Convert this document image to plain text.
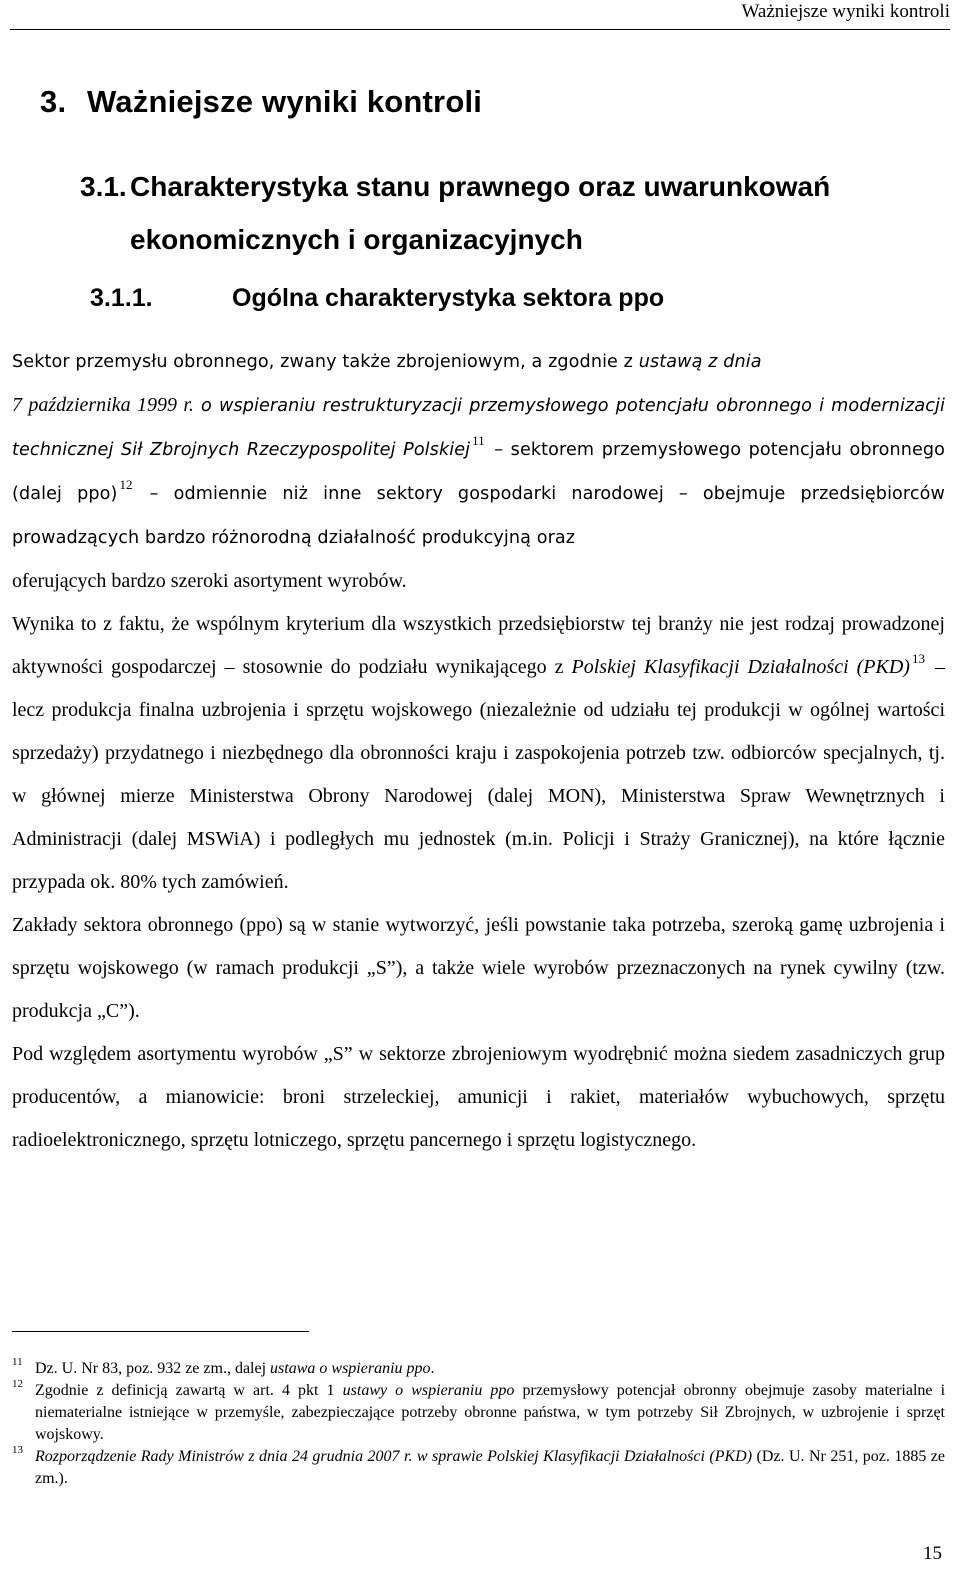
Ważniejsze wyniki kontroli
3. Ważniejsze wyniki kontroli
3.1. Charakterystyka stanu prawnego oraz uwarunkowań ekonomicznych i organizacyjnych
3.1.1.	Ogólna charakterystyka sektora ppo

Sektor przemysłu obronnego, zwany także zbrojeniowym, a zgodnie z ustawą z dnia
7 października 1999 r. o wspieraniu restrukturyzacji przemysłowego potencjału obronnego i modernizacji technicznej Sił Zbrojnych Rzeczypospolitej Polskiej $^{11}$ – sektorem przemysłowego potencjału obronnego (dalej ppo) $^{12}$ – odmiennie niż inne sektory gospodarki narodowej – obejmuje przedsiębiorców prowadzących bardzo różnorodną działalność produkcyjną oraz
oferujących bardzo szeroki asortyment wyrobów.

Wynika to z faktu, że wspólnym kryterium dla wszystkich przedsiębiorstw tej branży nie jest rodzaj prowadzonej aktywności gospodarczej – stosownie do podziału wynikającego z Polskiej Klasyfikacji Działalności (PKD) $^{13}$ – lecz produkcja finalna uzbrojenia i sprzętu wojskowego (niezależnie od udziału tej produkcji w ogólnej wartości sprzedaży) przydatnego i niezbędnego dla obronności kraju i zaspokojenia potrzeb tzw. odbiorców specjalnych, tj. w głównej mierze Ministerstwa Obrony Narodowej (dalej MON), Ministerstwa Spraw Wewnętrznych i Administracji (dalej MSWiA) i podległych mu jednostek (m.in. Policji i Straży Granicznej), na które łącznie przypada ok. 80% tych zamówień.

Zakłady sektora obronnego (ppo) są w stanie wytworzyć, jeśli powstanie taka potrzeba, szeroką gamę uzbrojenia i sprzętu wojskowego (w ramach produkcji „S”), a także wiele wyrobów przeznaczonych na rynek cywilny (tzw. produkcja „C”).

Pod względem asortymentu wyrobów „S” w sektorze zbrojeniowym wyodrębnić można siedem zasadniczych grup producentów, a mianowicie: broni strzeleckiej, amunicji i rakiet, materiałów wybuchowych, sprzętu radioelektronicznego, sprzętu lotniczego, sprzętu pancernego i sprzętu logistycznego.

11 Dz. U. Nr 83, poz. 932 ze zm., dalej ustawa o wspieraniu ppo.
12 Zgodnie z definicją zawartą w art. 4 pkt 1 ustawy o wspieraniu ppo przemysłowy potencjał obronny obejmuje zasoby materialne i niematerialne istniejące w przemyśle, zabezpieczające potrzeby obronne państwa, w tym potrzeby Sił Zbrojnych, w uzbrojenie i sprzęt wojskowy.
13 Rozporządzenie Rady Ministrów z dnia 24 grudnia 2007 r. w sprawie Polskiej Klasyfikacji Działalności (PKD) (Dz. U. Nr 251, poz. 1885 ze zm.).
15
